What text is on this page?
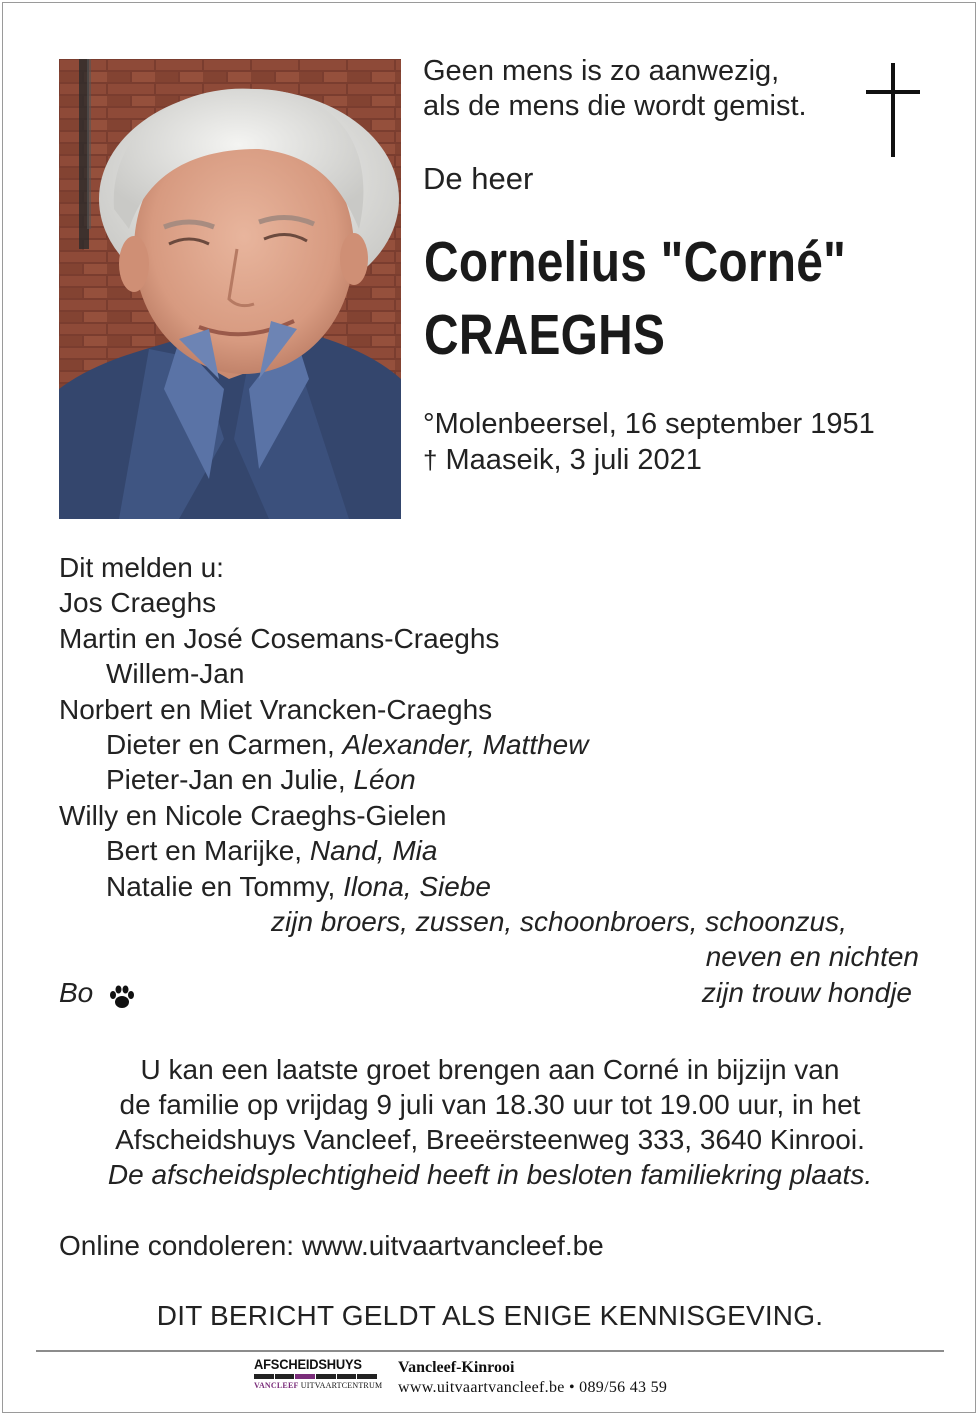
Geen mens is zo aanwezig,
als de mens die wordt gemist.
De heer
Cornelius "Corné"
CRAEGHS
°Molenbeersel, 16 september 1951
† Maaseik, 3 juli 2021
Dit melden u:
Jos Craeghs
Martin en José Cosemans-Craeghs
Willem-Jan
Norbert en Miet Vrancken-Craeghs
Dieter en Carmen, Alexander, Matthew
Pieter-Jan en Julie, Léon
Willy en Nicole Craeghs-Gielen
Bert en Marijke, Nand, Mia
Natalie en Tommy, Ilona, Siebe
zijn broers, zussen, schoonbroers, schoonzus,
neven en nichten
Bo	zijn trouw hondje
U kan een laatste groet brengen aan Corné in bijzijn van
de familie op vrijdag 9 juli van 18.30 uur tot 19.00 uur, in het
Afscheidshuys Vancleef, Breeërsteenweg 333, 3640 Kinrooi.
De afscheidsplechtigheid heeft in besloten familiekring plaats.
Online condoleren: www.uitvaartvancleef.be
DIT BERICHT GELDT ALS ENIGE KENNISGEVING.
AFSCHEIDSHUYS
VANCLEEF UITVAARTCENTRUM
Vancleef-Kinrooi
www.uitvaartvancleef.be • 089/56 43 59
